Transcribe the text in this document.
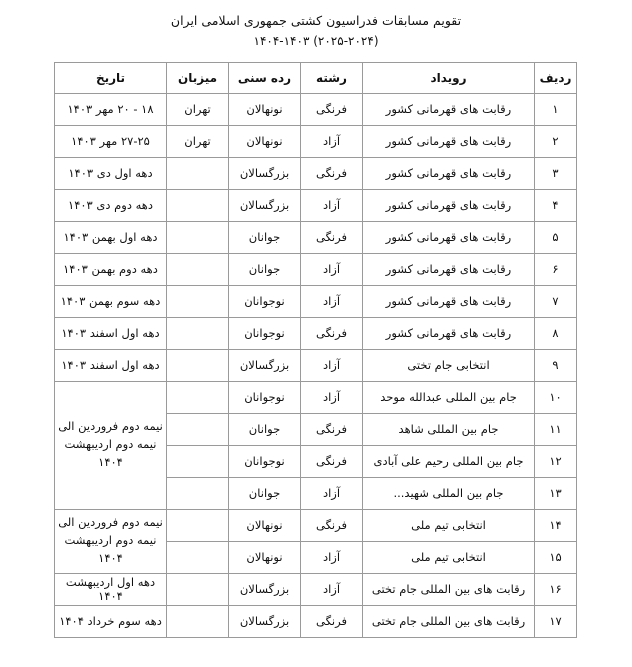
تقویم مسابقات فدراسیون کشتی جمهوری اسلامی ایران
(۲۰۲۵-۲۰۲۴) ۱۴۰۴-۱۴۰۳
ردیف	رویداد	رشته	رده سنی	میزبان	تاریخ
۱	رقابت های قهرمانی کشور	فرنگی	نونهالان	تهران	۱۸ - ۲۰ مهر ۱۴۰۳
۲	رقابت های قهرمانی کشور	آزاد	نونهالان	تهران	۲۷-۲۵ مهر ۱۴۰۳
۳	رقابت های قهرمانی کشور	فرنگی	بزرگسالان		دهه اول دی ۱۴۰۳
۴	رقابت های قهرمانی کشور	آزاد	بزرگسالان		دهه دوم دی ۱۴۰۳
۵	رقابت های قهرمانی کشور	فرنگی	جوانان		دهه اول بهمن ۱۴۰۳
۶	رقابت های قهرمانی کشور	آزاد	جوانان		دهه دوم بهمن ۱۴۰۳
۷	رقابت های قهرمانی کشور	آزاد	نوجوانان		دهه سوم بهمن ۱۴۰۳
۸	رقابت های قهرمانی کشور	فرنگی	نوجوانان		دهه اول اسفند ۱۴۰۳
۹	انتخابی جام تختی	آزاد	بزرگسالان		دهه اول اسفند ۱۴۰۳
۱۰	جام بین المللی عبدالله موحد	آزاد	نوجوانان		نیمه دوم فروردین الی نیمه دوم اردیبهشت ۱۴۰۴
۱۱	جام بین المللی شاهد	فرنگی	جوانان		
۱۲	جام بین المللی رحیم علی آبادی	فرنگی	نوجوانان		
۱۳	جام بین المللی شهید...	آزاد	جوانان		
۱۴	انتخابی تیم ملی	فرنگی	نونهالان		نیمه دوم فروردین الی نیمه دوم اردیبهشت ۱۴۰۴
۱۵	انتخابی تیم ملی	آزاد	نونهالان		
۱۶	رقابت های بین المللی جام تختی	آزاد	بزرگسالان		دهه اول اردیبهشت ۱۴۰۴
۱۷	رقابت های بین المللی جام تختی	فرنگی	بزرگسالان		دهه سوم خرداد ۱۴۰۴
